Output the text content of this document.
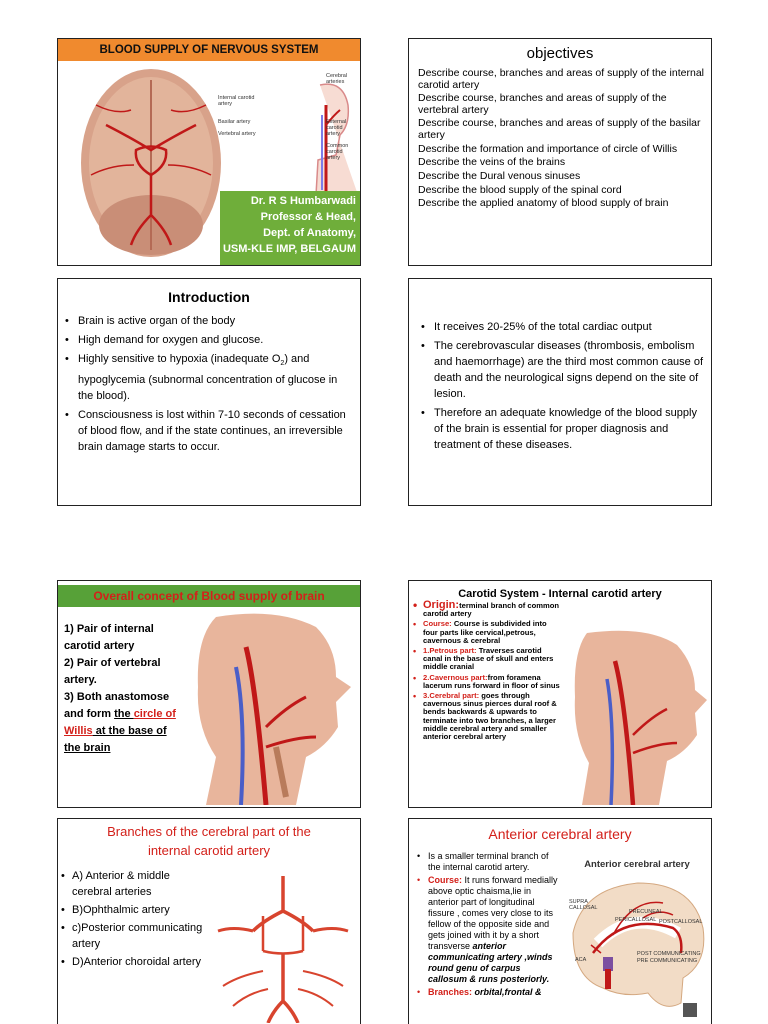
BLOOD SUPPLY OF NERVOUS SYSTEM
Cerebral arteries
Internal carotid artery
Basilar artery
Vertebral artery
External carotid artery
Common carotid artery
Dr. R S Humbarwadi
Professor & Head,
Dept. of Anatomy,
USM-KLE IMP, BELGAUM
objectives
Describe course, branches and areas of supply of the internal carotid artery
Describe course, branches and areas of supply of the vertebral artery
Describe course, branches and areas of supply of the basilar artery
Describe the formation and importance of circle of Willis
Describe the veins of the brains
Describe the Dural venous sinuses
Describe the blood supply of the spinal cord
Describe the applied anatomy of blood supply of brain
Introduction
• Brain is active organ of the body
• High demand for oxygen and glucose.
• Highly sensitive to hypoxia (inadequate $O_2$) and hypoglycemia (subnormal concentration of glucose in the blood).
• Consciousness is lost within 7-10 seconds of cessation of blood flow, and if the state continues, an irreversible brain damage starts to occur.
• It receives 20-25% of the total cardiac output
• The cerebrovascular diseases (thrombosis, embolism and haemorrhage) are the third most common cause of death and the neurological signs depend on the site of lesion.
• Therefore an adequate knowledge of the blood supply of the brain is essential for proper diagnosis and treatment of these diseases.
Overall concept of Blood supply of brain
1) Pair of internal carotid artery
2) Pair of vertebral artery.
3) Both anastomose and form the circle of Willis at the base of the brain
Carotid System - Internal carotid artery
• Origin:terminal branch of common carotid artery
• Course: Course is subdivided into four parts like cervical,petrous, cavernous & cerebral
• 1.Petrous part: Traverses carotid canal in the base of skull and enters middle cranial
• 2.Cavernous part:from foramena lacerum runs forward in floor of sinus
• 3.Cerebral part: goes through cavernous sinus pierces dural roof & bends backwards & upwards to terminate into two branches, a larger middle cerebral artery and smaller anterior cerebral artery
Branches of the cerebral part of the
internal carotid artery
• A) Anterior & middle cerebral arteries
• B)Ophthalmic artery
• c)Posterior communicating artery
• D)Anterior choroidal artery
Anterior cerebral artery
• Is a smaller terminal branch of the internal carotid artery.
• Course: It runs forward medially above optic chaisma,lie in anterior part of longitudinal fissure , comes very close to its fellow of the opposite side and gets joined with it by a short transverse anterior communicating artery ,winds round genu of carpus callosum & runs posteriorly.
• Branches: orbital,frontal &
Anterior cerebral artery
SUPRA CALLOSAL
PERICALLOSAL POSTCALLOSAL
PRECUNEAL
POST COMMUNICATING
PRE COMMUNICATING
ACA
